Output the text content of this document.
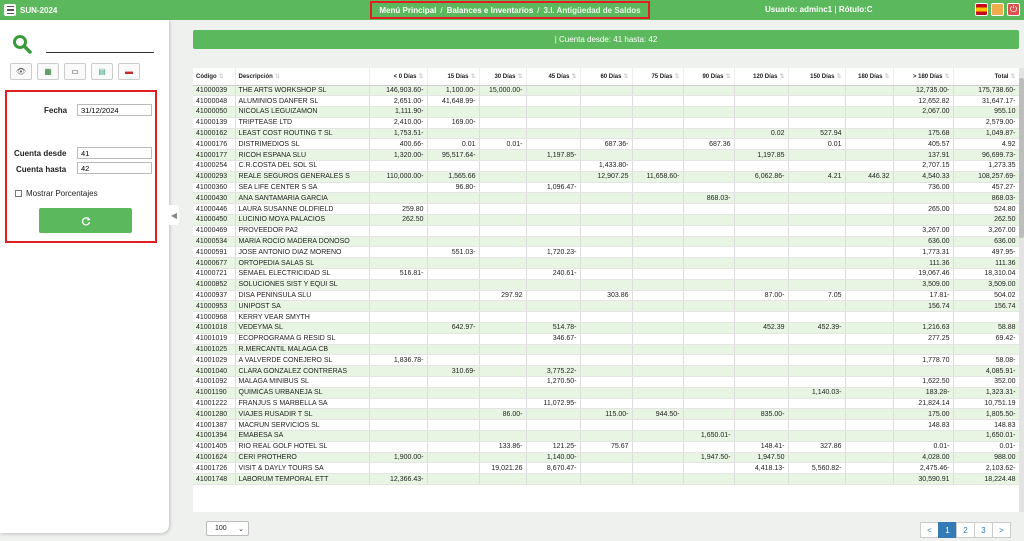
SUN-2024	Menú Principal / Balances e Inventarios / 3.I. Antigüedad de Saldos	Usuario: adminc1 | Rótulo:C	⏻
👁	▦	▭	▤	▬
Fecha
31/12/2024
Cuenta desde
41
Cuenta hasta
42
Mostrar Porcentajes
◀
| Cuenta desde: 41 hasta: 42
Código ⇅	Descripción ⇅	< 0 Días ⇅	15 Días ⇅	30 Días ⇅	45 Días ⇅	60 Días ⇅	75 Días ⇅	90 Días ⇅	120 Días ⇅	150 Días ⇅	180 Días ⇅	> 180 Días ⇅	Total ⇅
41000039	THE ARTS WORKSHOP SL	146,903.60-	1,100.00-	15,000.00-								12,735.00-	175,738.60-
41000048	ALUMINIOS DANFER SL	2,651.00-	41,648.99-									12,652.82	31,647.17-
41000050	NICOLAS LEGUIZAMON	1,111.90-										2,067.00	955.10
41000139	TRIPTEASE LTD	2,410.00-	169.00-										2,579.00-
41000162	LEAST COST ROUTING T SL	1,753.51-							0.02	527.94		175.68	1,049.87-
41000176	DISTRIMEDIOS SL	400.66-	0.01	0.01-		687.36-		687.36		0.01		405.57	4.92
41000177	RICOH ESPANA SLU	1,320.00-	95,517.64-		1,197.85-				1,197.85			137.91	96,699.73-
41000254	C.R.COSTA DEL SOL SL					1,433.80-						2,707.15	1,273.35
41000293	REALE SEGUROS GENERALES S	110,000.00-	1,565.66			12,907.25	11,658.60-		6,062.86-	4.21	446.32	4,540.33	108,257.69-
41000360	SEA LIFE CENTER S SA		96.80-		1,096.47-							736.00	457.27-
41000430	ANA SANTAMARIA GARCIA							868.03-					868.03-
41000446	LAURA SUSANNE OLDFIELD	259.80										265.00	524.80
41000450	LUCINIO MOYA PALACIOS	262.50											262.50
41000469	PROVEEDOR PA2											3,267.00	3,267.00
41000534	MARIA ROCIO MADERA DONOSO											636.00	636.00
41000591	JOSE ANTONIO DIAZ MORENO		551.03-		1,720.23-							1,773.31	497.95-
41000677	ORTOPEDIA SALAS SL											111.36	111.36
41000721	SEMAEL ELECTRICIDAD SL	516.81-			240.61-							19,067.46	18,310.04
41000852	SOLUCIONES SIST Y EQUI SL											3,509.00	3,509.00
41000937	DISA PENINSULA SLU			297.92		303.86			87.00-	7.05		17.81-	504.02
41000953	UNIPOST SA											156.74	156.74
41000968	KERRY VEAR SMYTH												
41001018	VEDEYMA SL		642.97-		514.78-				452.39	452.39-		1,216.63	58.88
41001019	ECOPROGRAMA G RESID SL				346.67-							277.25	69.42-
41001025	R.MERCANTIL MALAGA CB												
41001029	A VALVERDE CONEJERO SL	1,836.78-										1,778.70	58.08-
41001040	CLARA GONZALEZ CONTRERAS		310.69-		3,775.22-								4,085.91-
41001092	MALAGA MINIBUS SL				1,270.50-							1,622.50	352.00
41001190	QUIMICAS URBANEJA SL									1,140.03-		183.28-	1,323.31-
41001222	FRANJUS S MARBELLA SA				11,072.95-							21,824.14	10,751.19
41001280	VIAJES RUSADIR T SL			86.00-		115.00-	944.50-		835.00-			175.00	1,805.50-
41001387	MACRUN SERVICIOS SL											148.83	148.83
41001394	EMABESA SA							1,650.01-					1,650.01-
41001405	RIO REAL GOLF HOTEL SL			133.86-	121.25-	75.67			148.41-	327.86		0.01-	0.01-
41001624	CERI PROTHERO	1,900.00-			1,140.00-			1,947.50-	1,947.50			4,028.00	988.00
41001726	VISIT & DAYLY TOURS SA			19,021.26	8,670.47-				4,418.13-	5,560.82-		2,475.46-	2,103.62-
41001748	LABORUM TEMPORAL ETT	12,366.43-										30,590.91	18,224.48
100 ⌄	<	1	2	3	>
